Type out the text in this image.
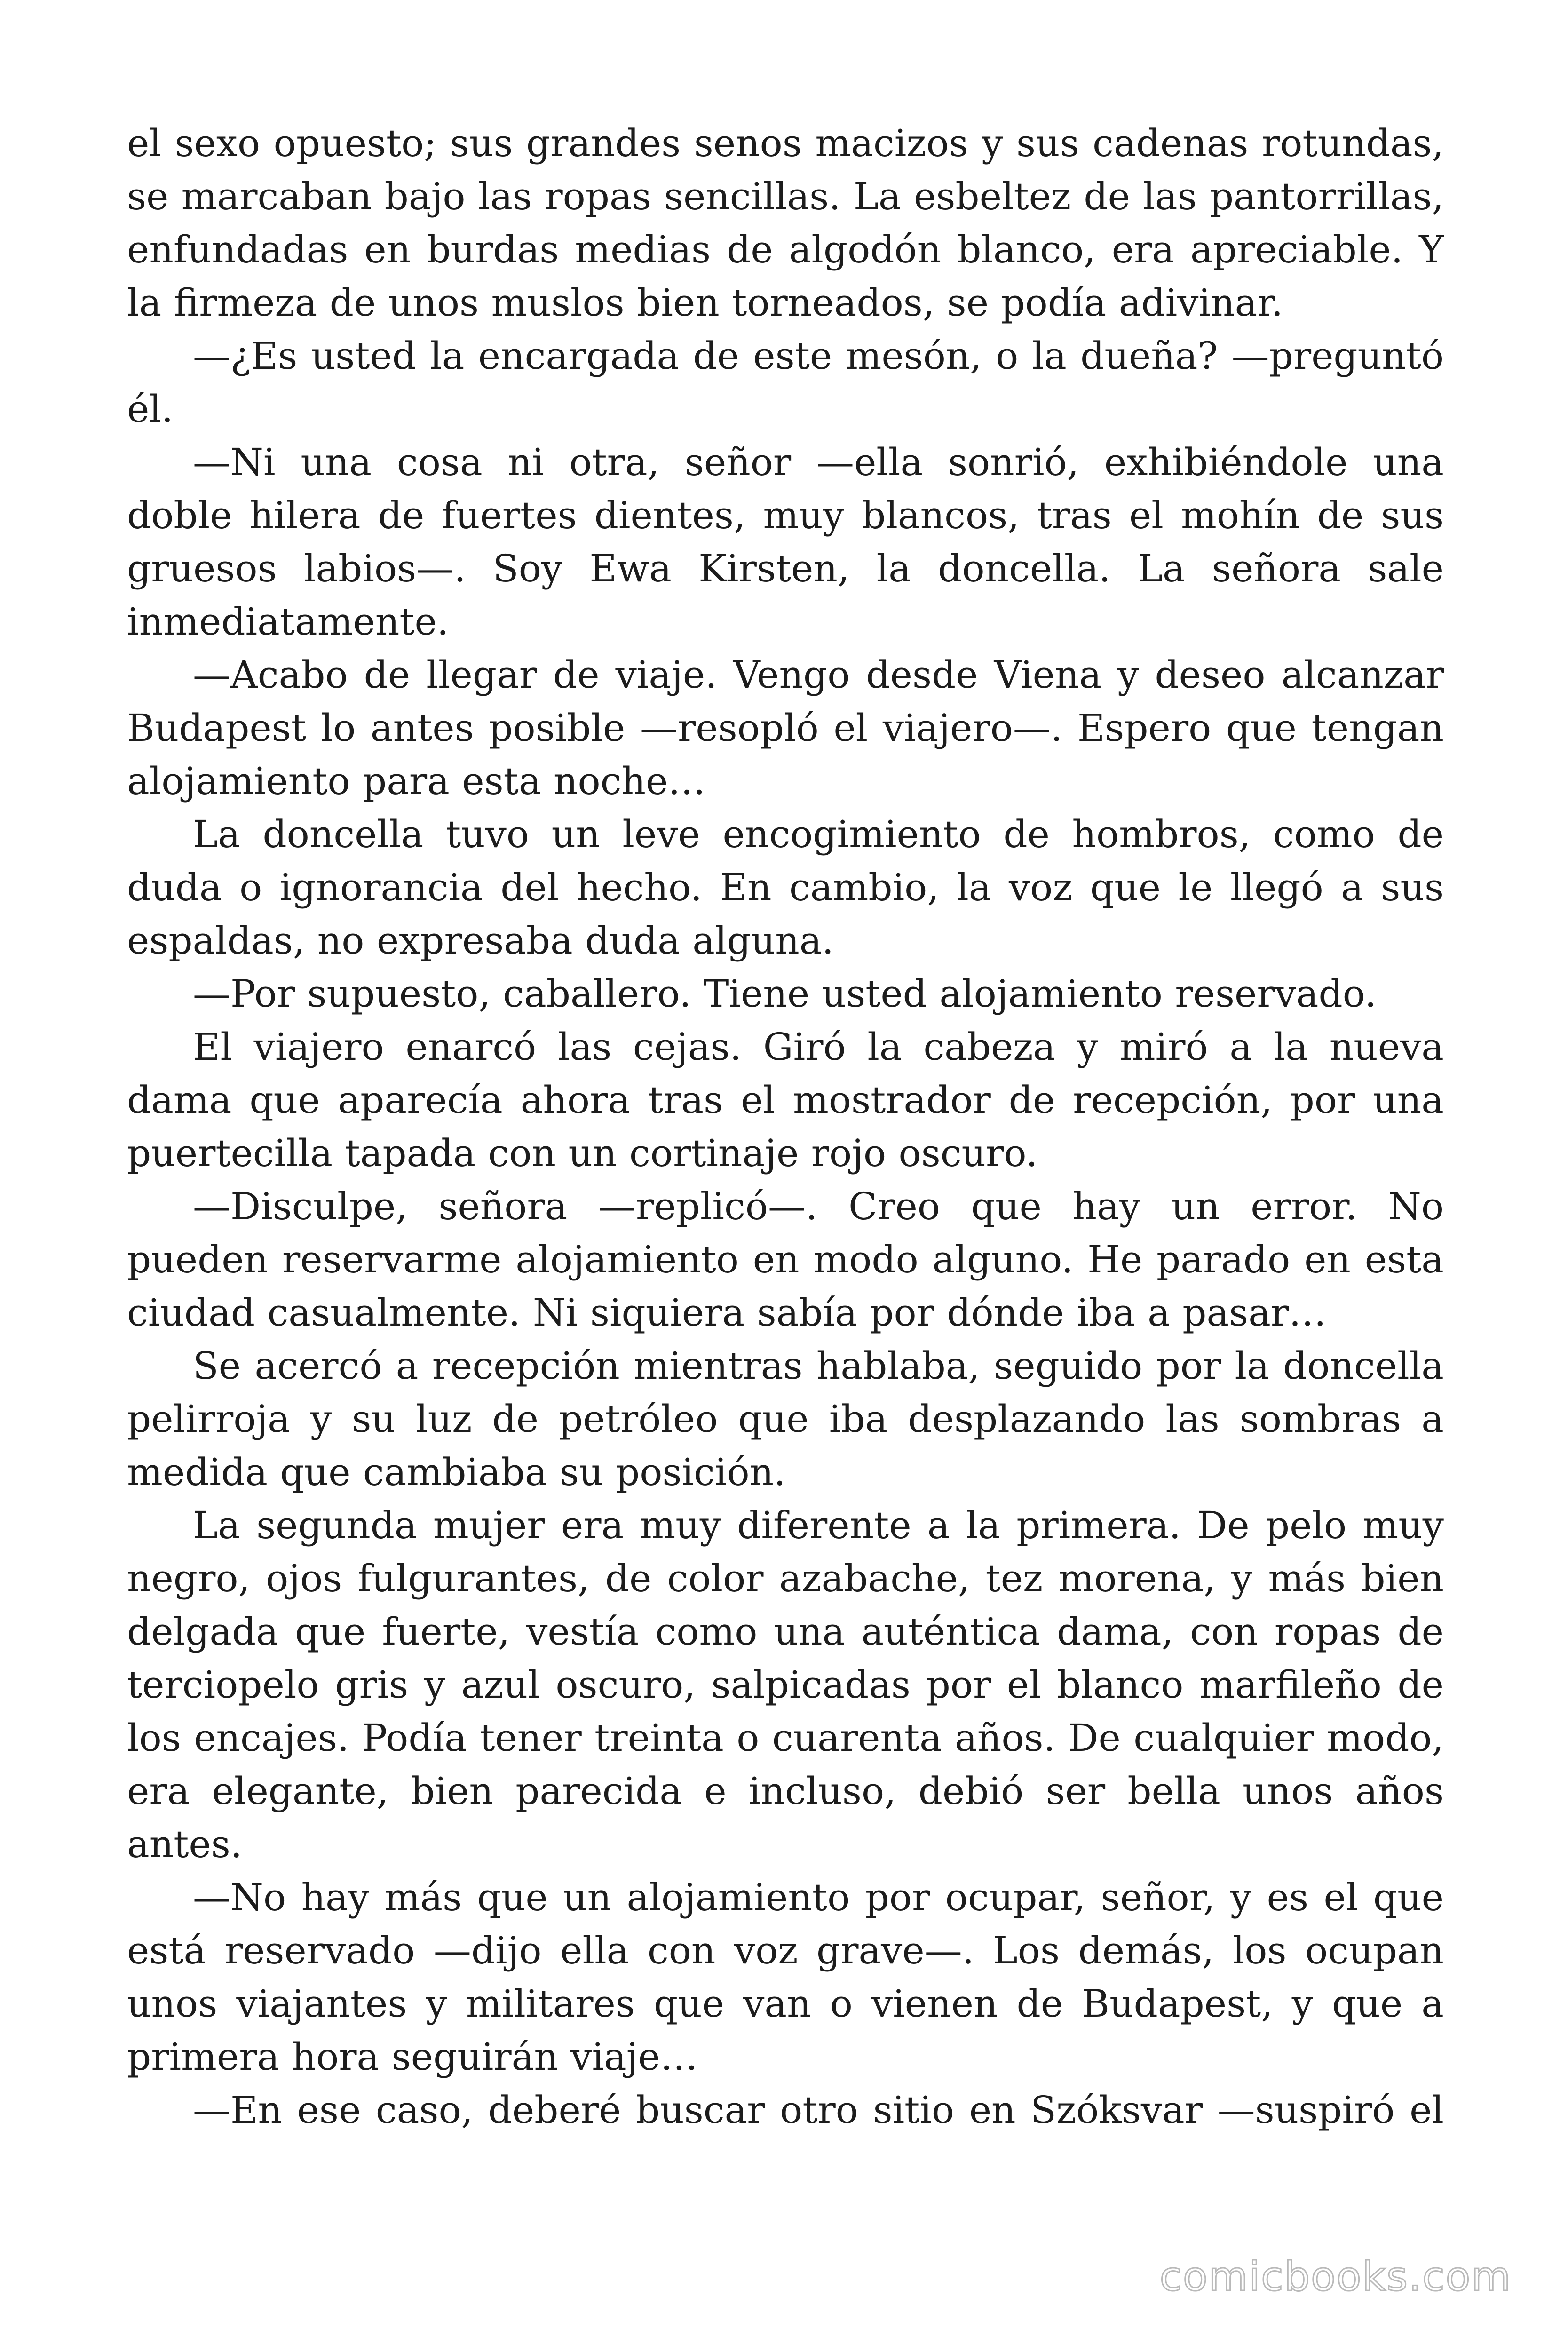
el sexo opuesto; sus grandes senos macizos y sus cadenas rotundas, se marcaban bajo las ropas sencillas. La esbeltez de las pantorrillas, enfundadas en burdas medias de algodón blanco, era apreciable. Y la firmeza de unos muslos bien torneados, se podía adivinar.

—¿Es usted la encargada de este mesón, o la dueña? —preguntó él.

—Ni una cosa ni otra, señor —ella sonrió, exhibiéndole una doble hilera de fuertes dientes, muy blancos, tras el mohín de sus gruesos labios—. Soy Ewa Kirsten, la doncella. La señora sale inmediatamente.

—Acabo de llegar de viaje. Vengo desde Viena y deseo alcanzar Budapest lo antes posible —resopló el viajero—. Espero que tengan alojamiento para esta noche…

La doncella tuvo un leve encogimiento de hombros, como de duda o ignorancia del hecho. En cambio, la voz que le llegó a sus espaldas, no expresaba duda alguna.

—Por supuesto, caballero. Tiene usted alojamiento reservado.

El viajero enarcó las cejas. Giró la cabeza y miró a la nueva dama que aparecía ahora tras el mostrador de recepción, por una puertecilla tapada con un cortinaje rojo oscuro.

—Disculpe, señora —replicó—. Creo que hay un error. No pueden reservarme alojamiento en modo alguno. He parado en esta ciudad casualmente. Ni siquiera sabía por dónde iba a pasar…

Se acercó a recepción mientras hablaba, seguido por la doncella pelirroja y su luz de petróleo que iba desplazando las sombras a medida que cambiaba su posición.

La segunda mujer era muy diferente a la primera. De pelo muy negro, ojos fulgurantes, de color azabache, tez morena, y más bien delgada que fuerte, vestía como una auténtica dama, con ropas de terciopelo gris y azul oscuro, salpicadas por el blanco marfileño de los encajes. Podía tener treinta o cuarenta años. De cualquier modo, era elegante, bien parecida e incluso, debió ser bella unos años antes.

—No hay más que un alojamiento por ocupar, señor, y es el que está reservado —dijo ella con voz grave—. Los demás, los ocupan unos viajantes y militares que van o vienen de Budapest, y que a primera hora seguirán viaje…

—En ese caso, deberé buscar otro sitio en Szóksvar —suspiró el

comicbooks.com
